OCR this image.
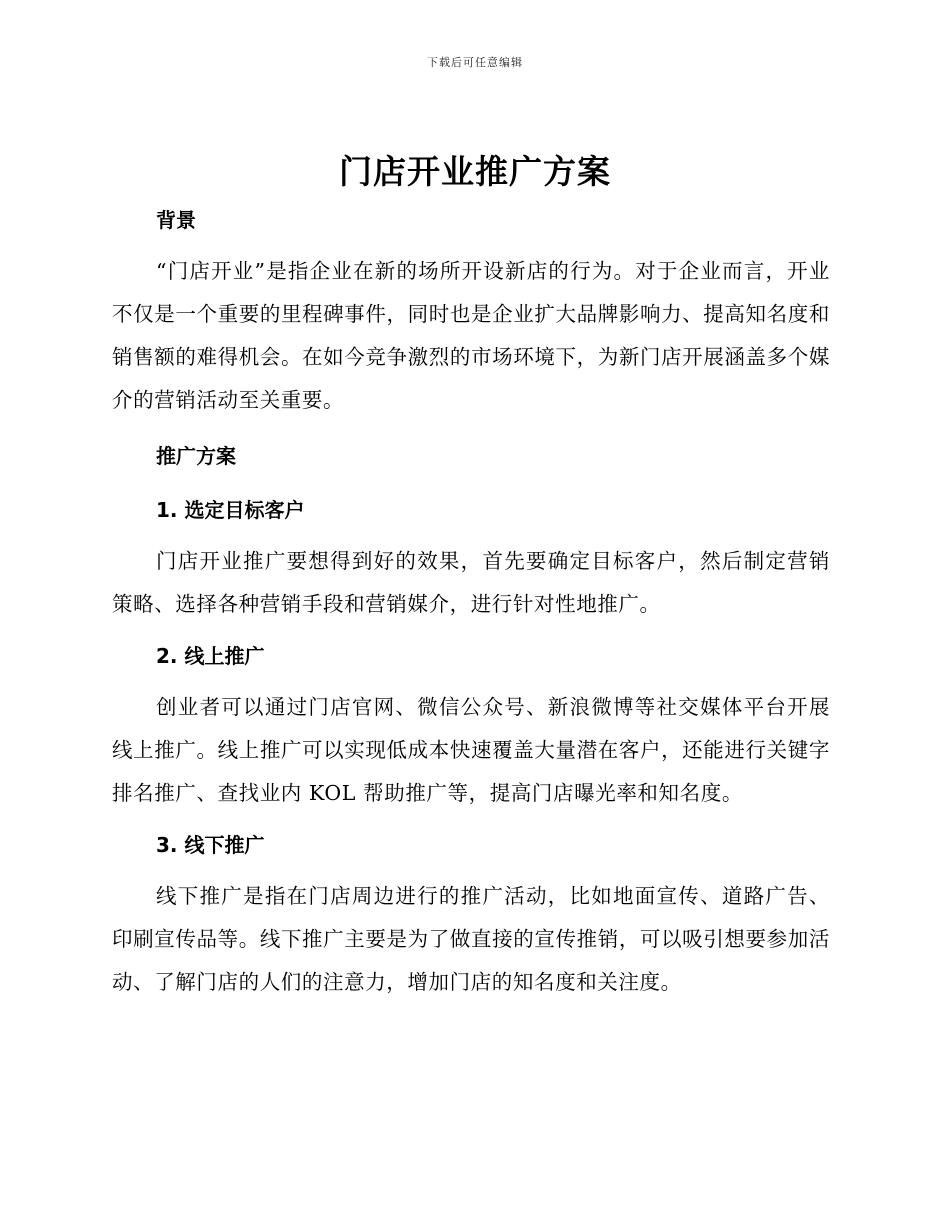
下载后可任意编辑
门店开业推广方案
背景

“门店开业”是指企业在新的场所开设新店的行为。对于企业而言，开业不仅是一个重要的里程碑事件，同时也是企业扩大品牌影响力、提高知名度和销售额的难得机会。在如今竞争激烈的市场环境下，为新门店开展涵盖多个媒介的营销活动至关重要。

推广方案
1. 选定目标客户

门店开业推广要想得到好的效果，首先要确定目标客户，然后制定营销策略、选择各种营销手段和营销媒介，进行针对性地推广。

2. 线上推广

创业者可以通过门店官网、微信公众号、新浪微博等社交媒体平台开展线上推广。线上推广可以实现低成本快速覆盖大量潜在客户，还能进行关键字排名推广、查找业内 KOL 帮助推广等，提高门店曝光率和知名度。

3. 线下推广

线下推广是指在门店周边进行的推广活动，比如地面宣传、道路广告、印刷宣传品等。线下推广主要是为了做直接的宣传推销，可以吸引想要参加活动、了解门店的人们的注意力，增加门店的知名度和关注度。
